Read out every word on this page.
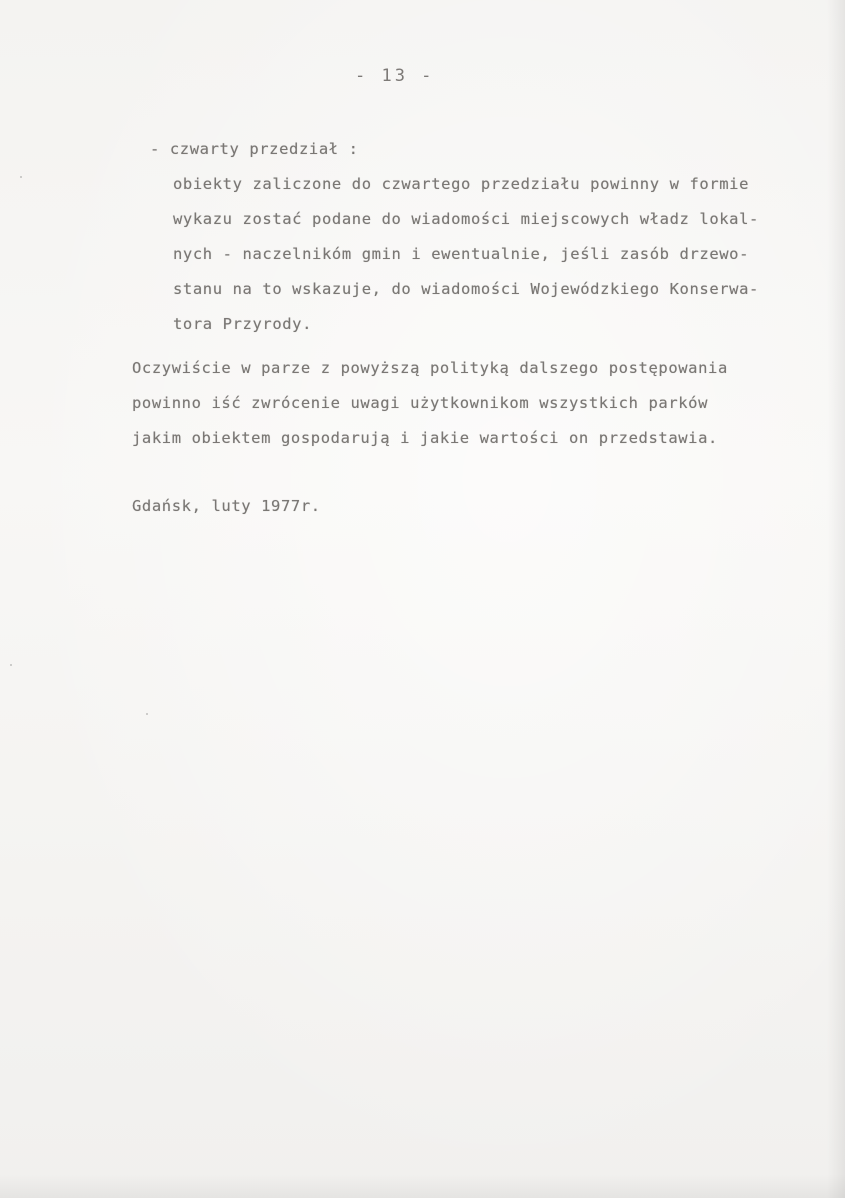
- 13 -
- czwarty przedział :
obiekty zaliczone do czwartego przedziału powinny w formie
wykazu zostać podane do wiadomości miejscowych władz lokal-
nych - naczelnikóm gmin i ewentualnie, jeśli zasób drzewo-
stanu na to wskazuje, do wiadomości Wojewódzkiego Konserwa-
tora Przyrody.
Oczywiście w parze z powyższą polityką dalszego postępowania
powinno iść zwrócenie uwagi użytkownikom wszystkich parków
jakim obiektem gospodarują i jakie wartości on przedstawia.
Gdańsk, luty 1977r.
